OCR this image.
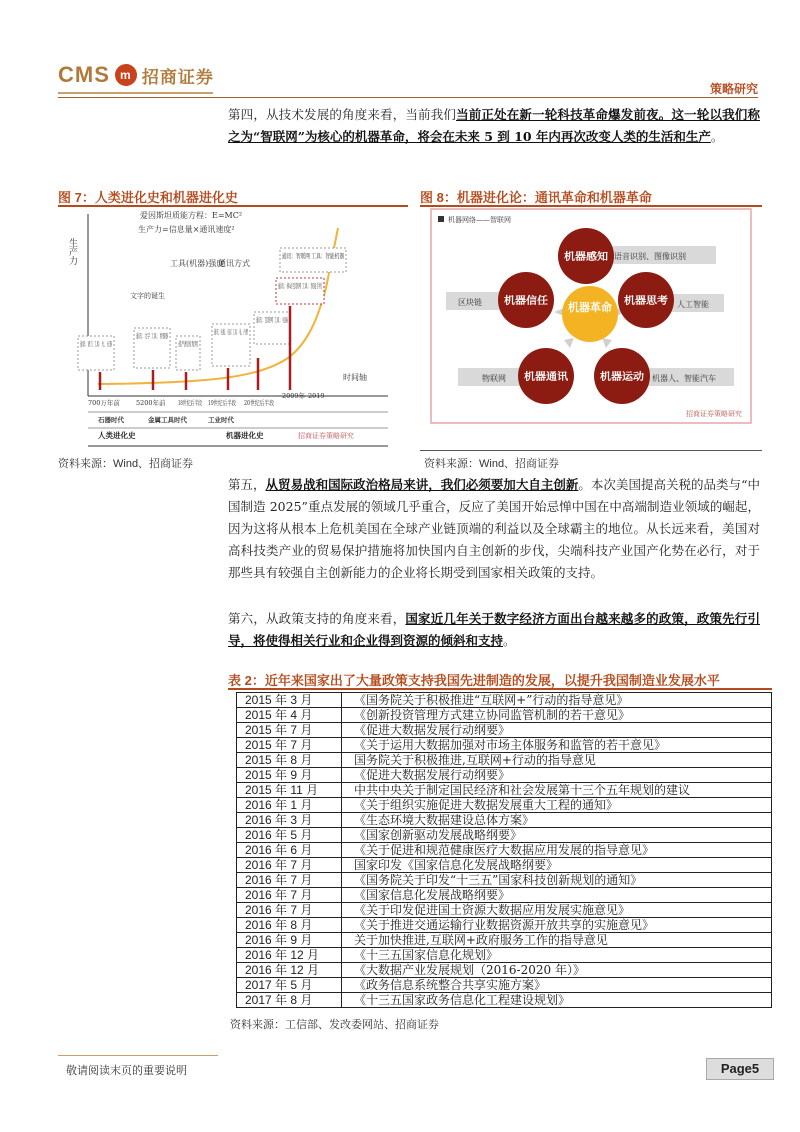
CMS m 招商证券
策略研究
第四，从技术发展的角度来看，当前我们当前正处在新一轮科技革命爆发前夜。这一轮以我们称之为“智联网”为核心的机器革命，将会在未来 5 到 10 年内再次改变人类的生活和生产。
图 7：人类进化史和机器进化史
生产力
时间轴
爱因斯坦质能方程：E=MC²
生产力=信息量×通讯速度²
工具(机器)强度
通讯方式
文字的诞生
通讯：语言 工具：火、石器
通讯：文字 工具：青铜器
蒸汽机的发明
通讯：互联网 工具：电脑
通讯：移动互联网 工具：智能手机
通讯：智联网 工具：智能机器
700万年前 5200年前 18世纪后半段
19世纪后半段
20世纪后半段
2009年 2019
石器时代	金属工具时代	工业时代
人类进化史	机器进化史	招商证券策略研究
资料来源：Wind、招商证券
图 8：机器进化论：通讯革命和机器革命
机器网络——智联网
语音识别、图像识别
人工智能
机器人、智能汽车
物联网
区块链	机器革命
机器感知
机器思考
机器运动
机器通讯
机器信任
招商证券策略研究
资料来源：Wind、招商证券
第五，从贸易战和国际政治格局来讲，我们必须要加大自主创新。本次美国提高关税的品类与“中国制造 2025”重点发展的领域几乎重合，反应了美国开始忌惮中国在中高端制造业领域的崛起，因为这将从根本上危机美国在全球产业链顶端的利益以及全球霸主的地位。从长远来看，美国对高科技类产业的贸易保护措施将加快国内自主创新的步伐，尖端科技产业国产化势在必行，对于那些具有较强自主创新能力的企业将长期受到国家相关政策的支持。
第六，从政策支持的角度来看，国家近几年关于数字经济方面出台越来越多的政策，政策先行引导，将使得相关行业和企业得到资源的倾斜和支持。
表 2：近年来国家出了大量政策支持我国先进制造的发展，以提升我国制造业发展水平
2015 年 3 月	《国务院关于积极推进“互联网+”行动的指导意见》
2015 年 4 月	《创新投资管理方式建立协同监管机制的若干意见》
2015 年 7 月	《促进大数据发展行动纲要》
2015 年 7 月	《关于运用大数据加强对市场主体服务和监管的若干意见》
2015 年 8 月	国务院关于积极推进,互联网+行动的指导意见
2015 年 9 月	《促进大数据发展行动纲要》
2015 年 11 月	中共中央关于制定国民经济和社会发展第十三个五年规划的建议
2016 年 1 月	《关于组织实施促进大数据发展重大工程的通知》
2016 年 3 月	《生态环境大数据建设总体方案》
2016 年 5 月	《国家创新驱动发展战略纲要》
2016 年 6 月	《关于促进和规范健康医疗大数据应用发展的指导意见》
2016 年 7 月	国家印发《国家信息化发展战略纲要》
2016 年 7 月	《国务院关于印发“十三五”国家科技创新规划的通知》
2016 年 7 月	《国家信息化发展战略纲要》
2016 年 7 月	《关于印发促进国土资源大数据应用发展实施意见》
2016 年 8 月	《关于推进交通运输行业数据资源开放共享的实施意见》
2016 年 9 月	关于加快推进,互联网+政府服务工作的指导意见
2016 年 12 月	《十三五国家信息化规划》
2016 年 12 月	《大数据产业发展规划（2016-2020 年）》
2017 年 5 月	《政务信息系统整合共享实施方案》
2017 年 8 月	《十三五国家政务信息化工程建设规划》
资料来源：工信部、发改委网站、招商证券
敬请阅读末页的重要说明	Page5
